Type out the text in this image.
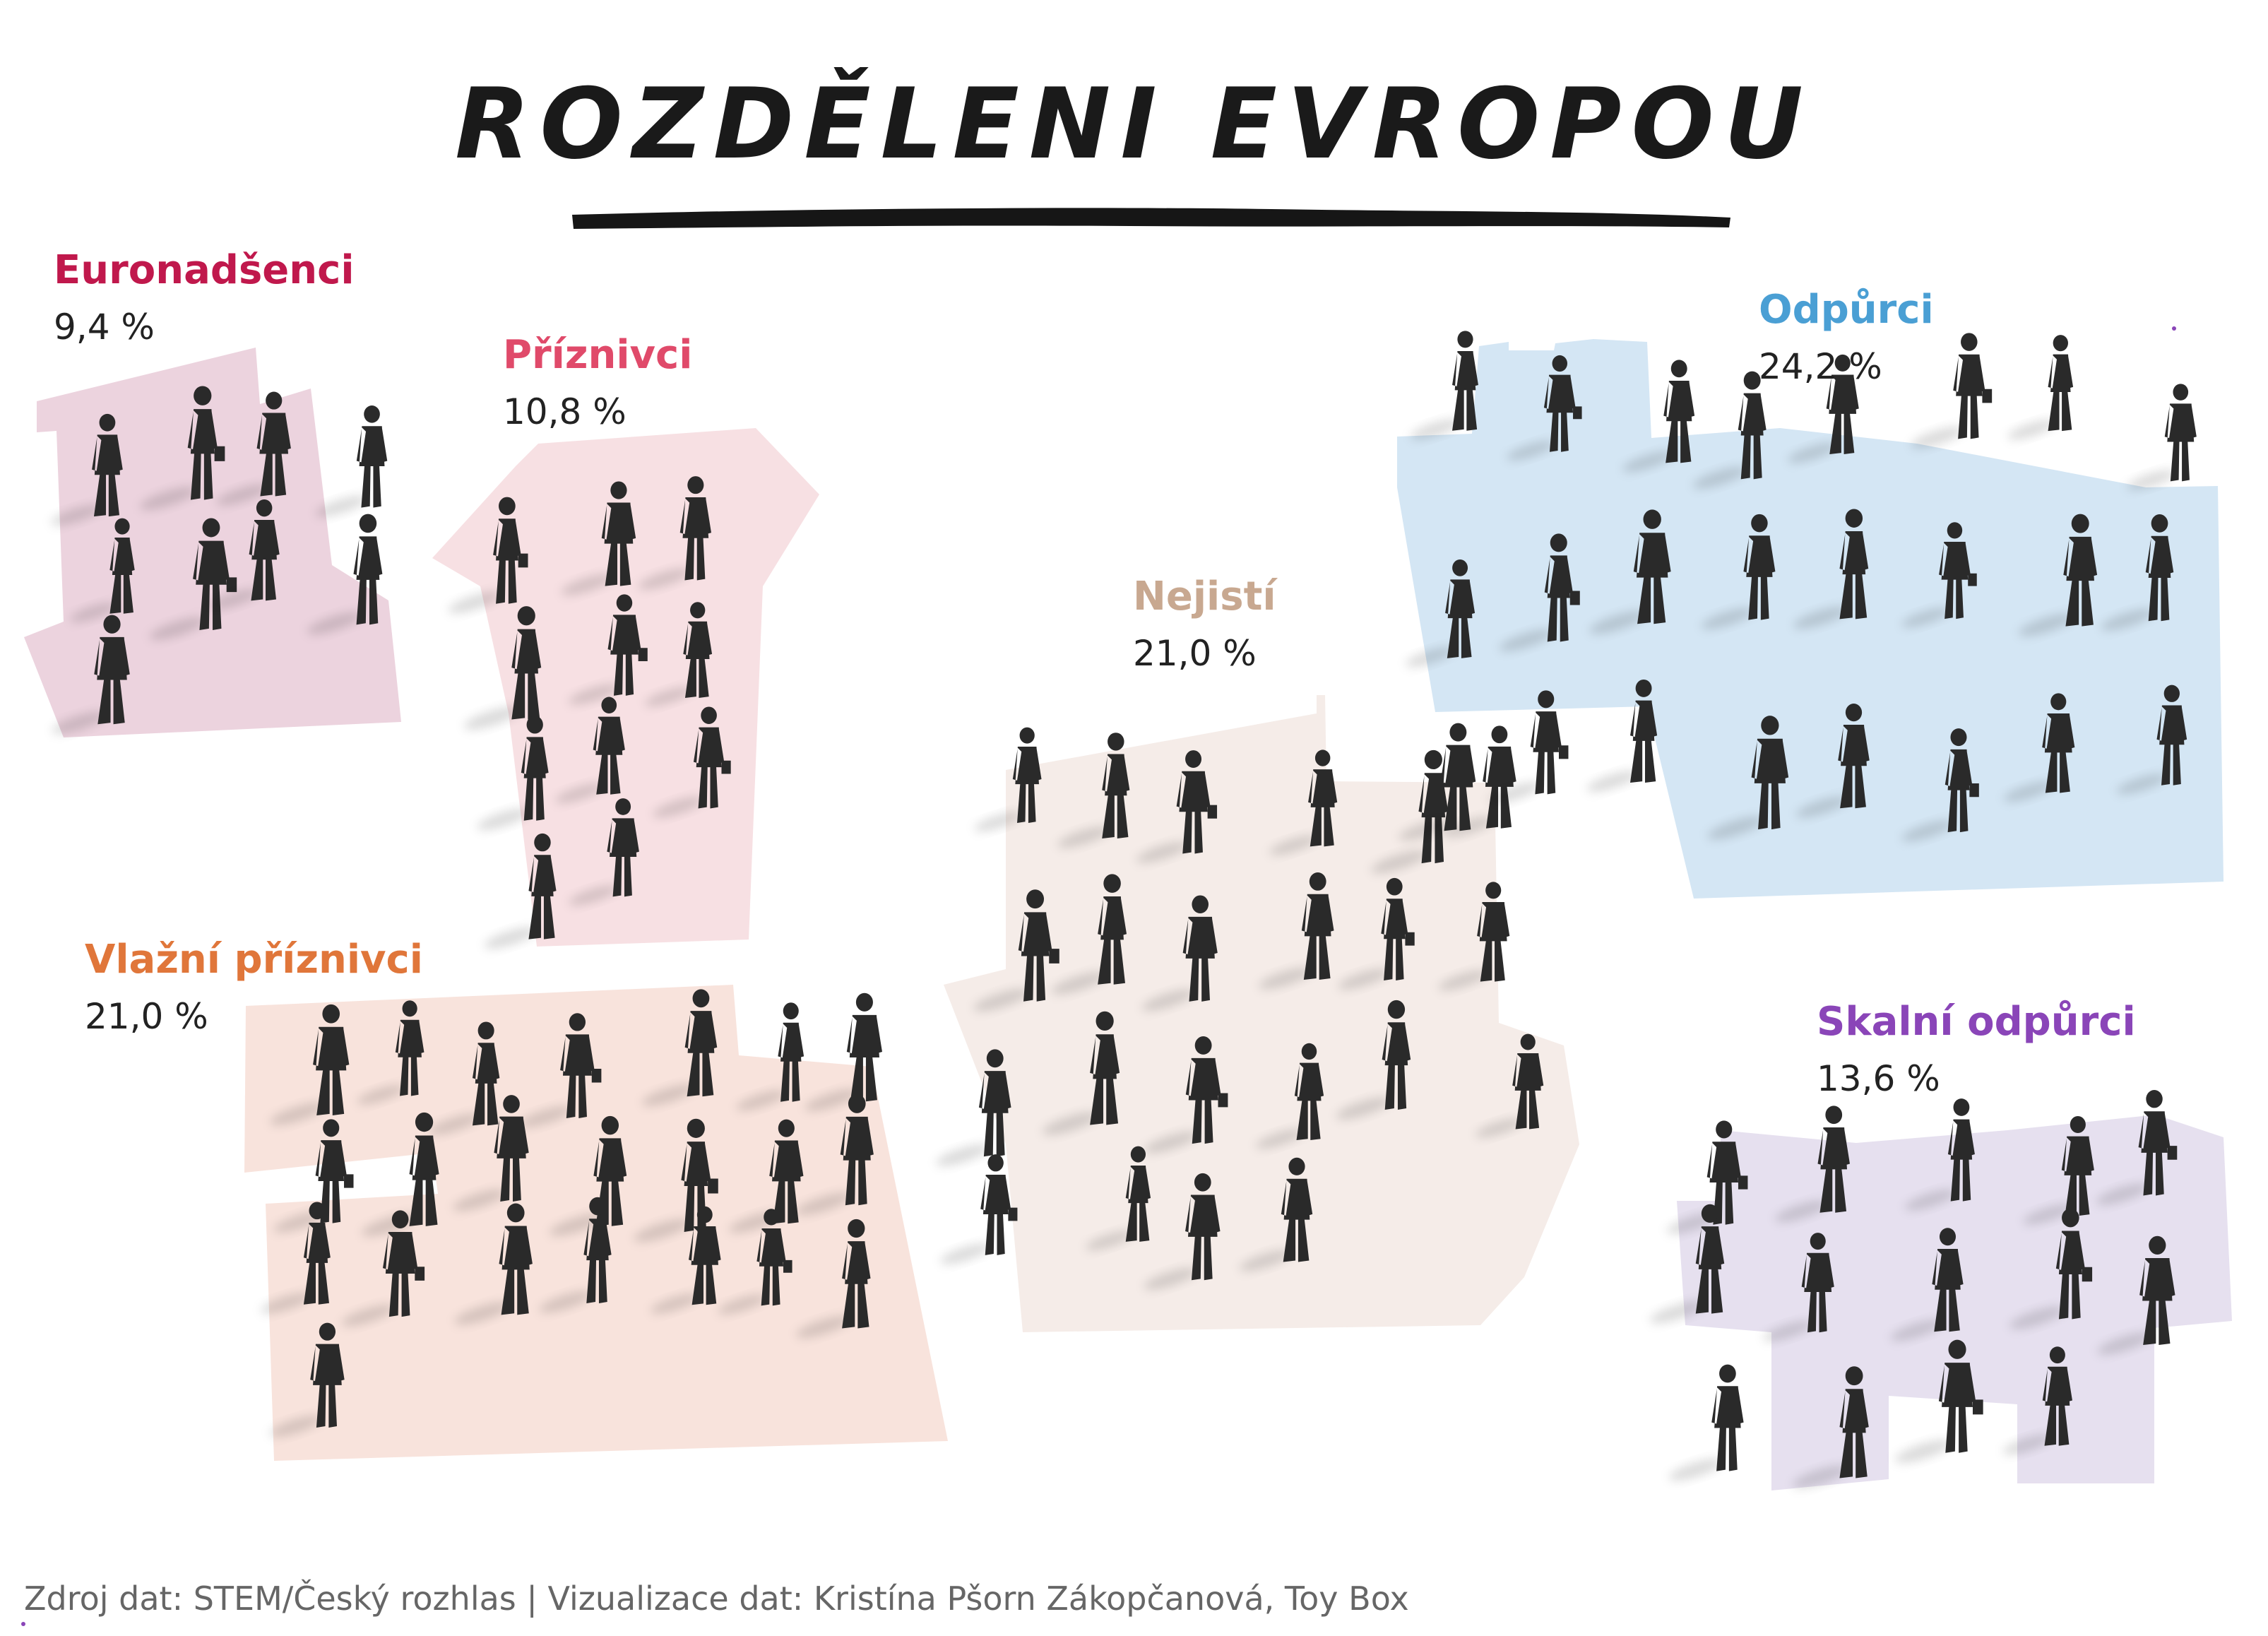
ROZDĚLENI EVROPOU
Euronadšenci
9,4 %
Příznivci
10,8 %
Vlažní příznivci
21,0 %
Nejistí
21,0 %
Odpůrci
24,2 %
Skalní odpůrci
13,6 %
Zdroj dat: STEM/Český rozhlas | Vizualizace dat: Kristína Pšorn Zákopčanová, Toy Box
